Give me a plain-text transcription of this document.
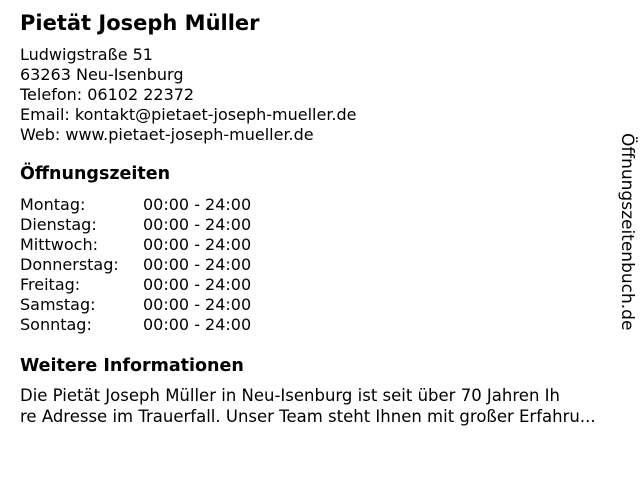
Pietät Joseph Müller
Ludwigstraße 51
63263 Neu-Isenburg
Telefon: 06102 22372
Email: kontakt@pietaet-joseph-mueller.de
Web: www.pietaet-joseph-mueller.de
Öffnungszeiten
Montag:	00:00 - 24:00
Dienstag:	00:00 - 24:00
Mittwoch:	00:00 - 24:00
Donnerstag:	00:00 - 24:00
Freitag:	00:00 - 24:00
Samstag:	00:00 - 24:00
Sonntag:	00:00 - 24:00
Weitere Informationen
Die Pietät Joseph Müller in Neu-Isenburg ist seit über 70 Jahren Ih
re Adresse im Trauerfall. Unser Team steht Ihnen mit großer Erfahru...
Öffnungszeitenbuch.de
